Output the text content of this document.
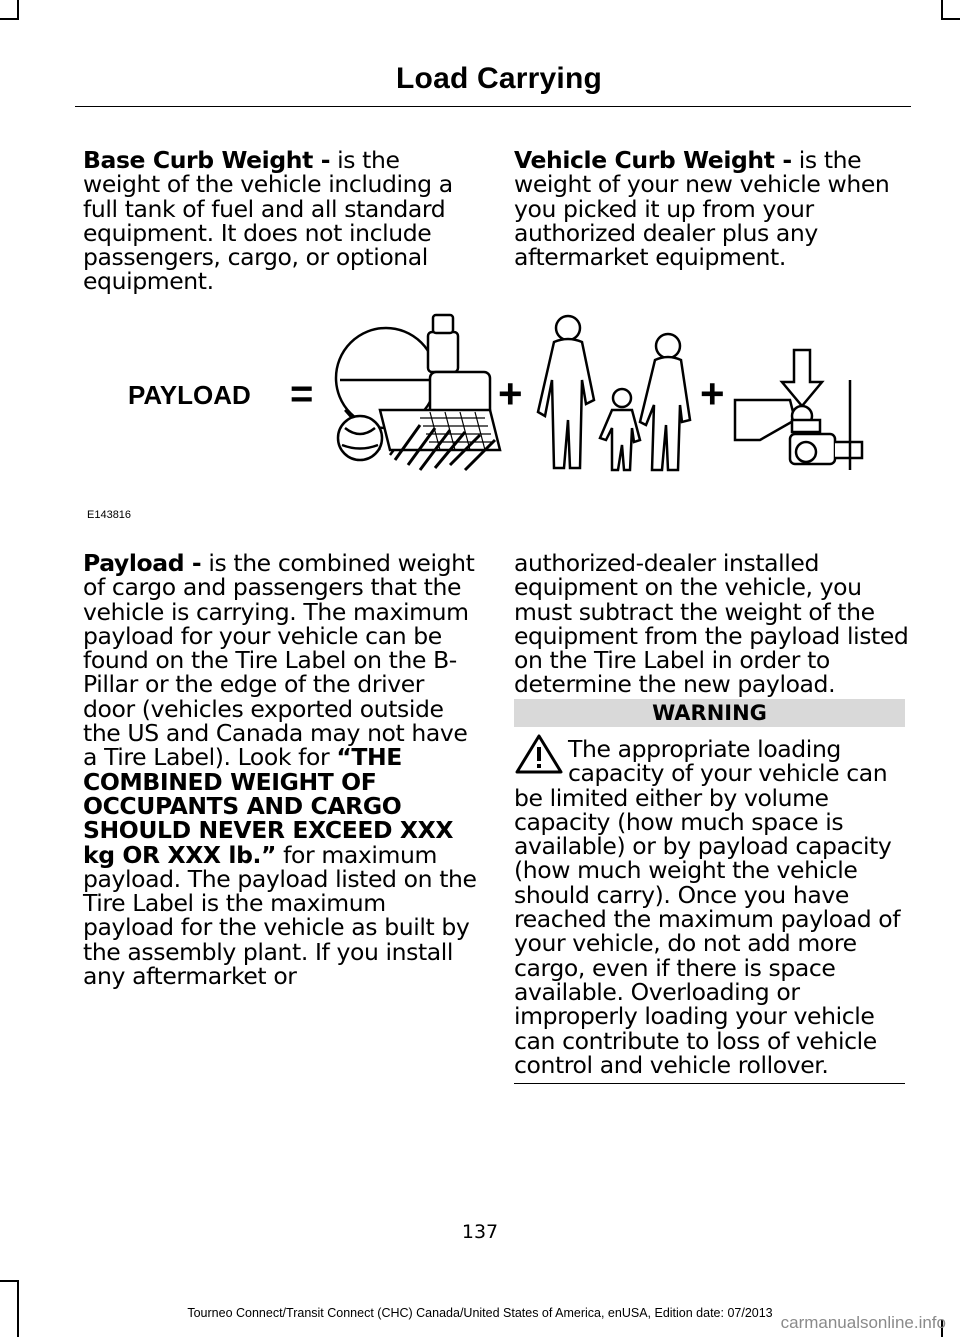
Load Carrying
Base Curb Weight - is the weight of the vehicle including a full tank of fuel and all standard equipment. It does not include passengers, cargo, or optional equipment.
Vehicle Curb Weight - is the weight of your new vehicle when you picked it up from your authorized dealer plus any aftermarket equipment.
PAYLOAD =	+	+
E143816
Payload - is the combined weight of cargo and passengers that the vehicle is carrying. The maximum payload for your vehicle can be found on the Tire Label on the B-Pillar or the edge of the driver door (vehicles exported outside the US and Canada may not have a Tire Label). Look for “THE COMBINED WEIGHT OF OCCUPANTS AND CARGO SHOULD NEVER EXCEED XXX kg OR XXX lb.” for maximum payload. The payload listed on the Tire Label is the maximum payload for the vehicle as built by the assembly plant. If you install any aftermarket or
authorized-dealer installed equipment on the vehicle, you must subtract the weight of the equipment from the payload listed on the Tire Label in order to determine the new payload.
WARNING
The appropriate loading capacity of your vehicle can be limited either by volume capacity (how much space is available) or by payload capacity (how much weight the vehicle should carry). Once you have reached the maximum payload of your vehicle, do not add more cargo, even if there is space available. Overloading or improperly loading your vehicle can contribute to loss of vehicle control and vehicle rollover.
137
Tourneo Connect/Transit Connect (CHC) Canada/United States of America, enUSA, Edition date: 07/2013 carmanualsonline.info
